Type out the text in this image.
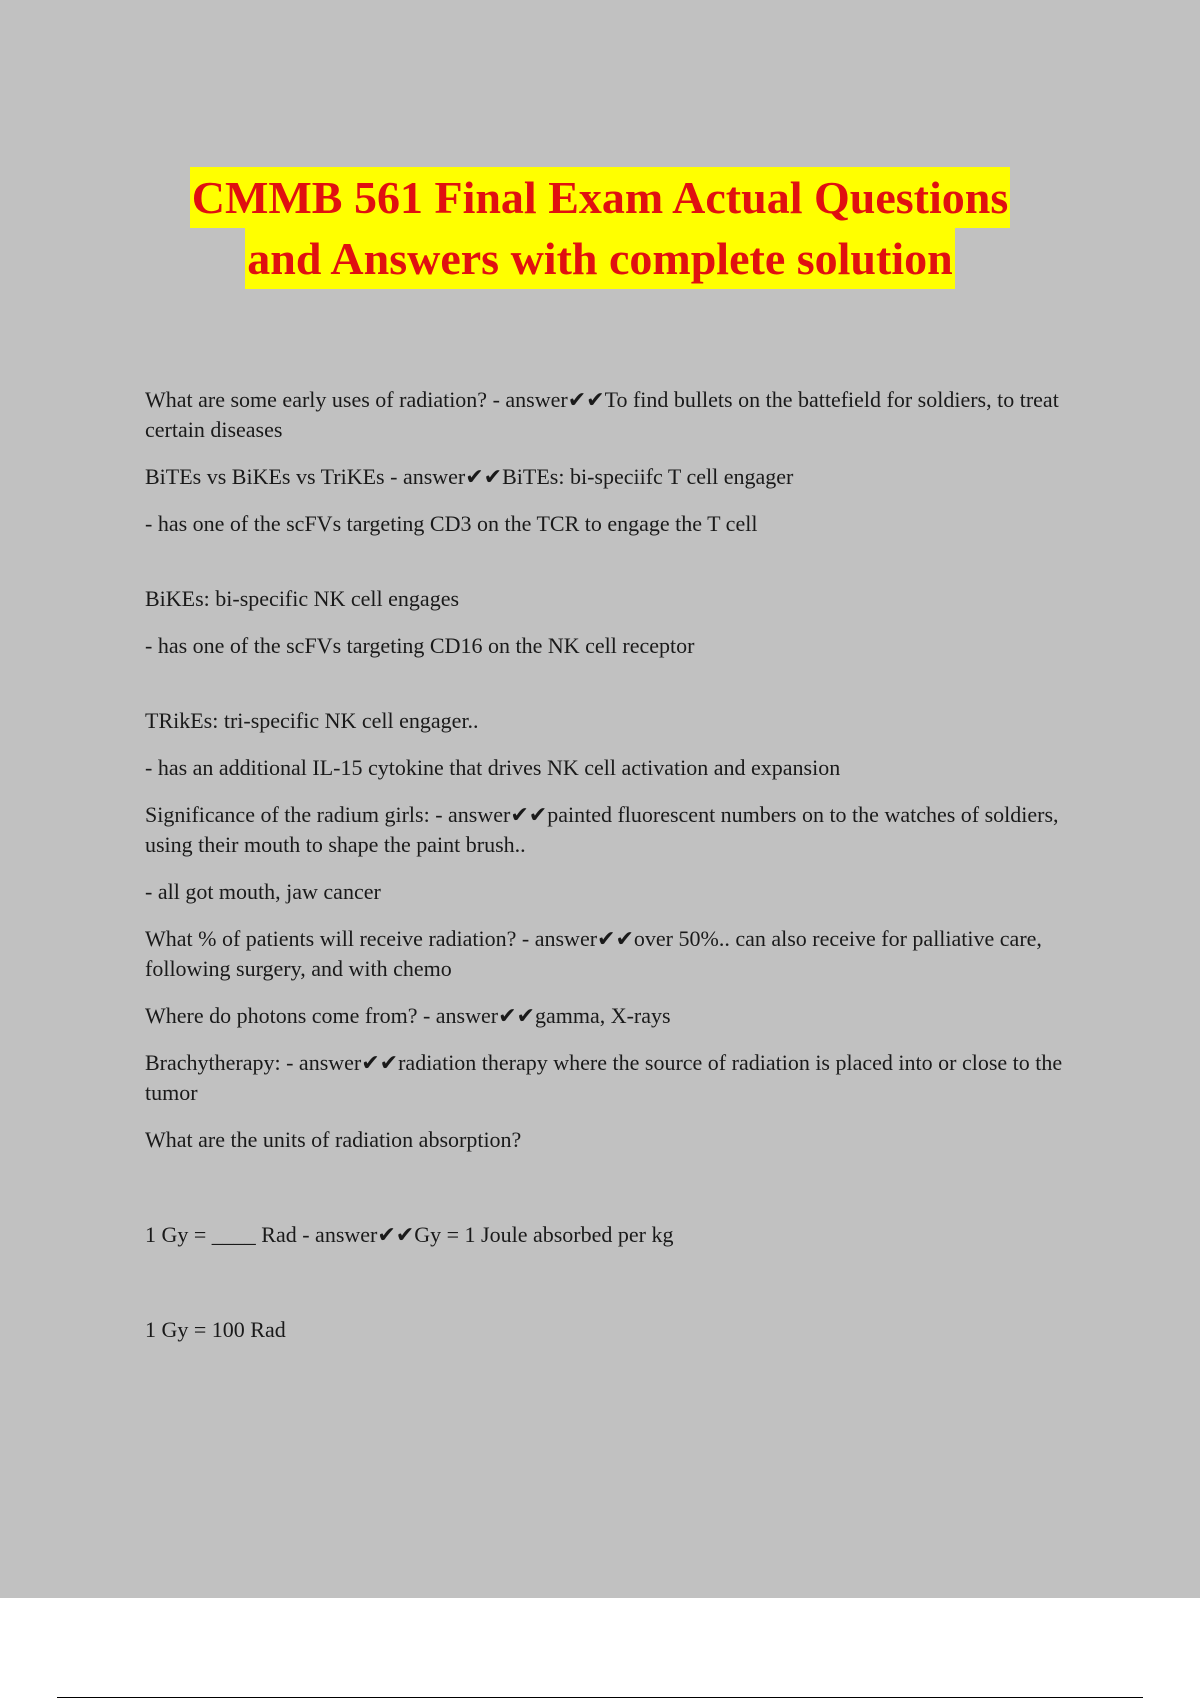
CMMB 561 Final Exam Actual Questions
and Answers with complete solution

What are some early uses of radiation? - answer✔✔To find bullets on the battefield for soldiers, to treat certain diseases

BiTEs vs BiKEs vs TriKEs - answer✔✔BiTEs: bi-speciifc T cell engager

- has one of the scFVs targeting CD3 on the TCR to engage the T cell

BiKEs: bi-specific NK cell engages

- has one of the scFVs targeting CD16 on the NK cell receptor

TRikEs: tri-specific NK cell engager..

- has an additional IL-15 cytokine that drives NK cell activation and expansion

Significance of the radium girls: - answer✔✔painted fluorescent numbers on to the watches of soldiers, using their mouth to shape the paint brush..

- all got mouth, jaw cancer

What % of patients will receive radiation? - answer✔✔over 50%.. can also receive for palliative care, following surgery, and with chemo

Where do photons come from? - answer✔✔gamma, X-rays

Brachytherapy: - answer✔✔radiation therapy where the source of radiation is placed into or close to the tumor

What are the units of radiation absorption?

1 Gy = ____ Rad - answer✔✔Gy = 1 Joule absorbed per kg

1 Gy = 100 Rad
